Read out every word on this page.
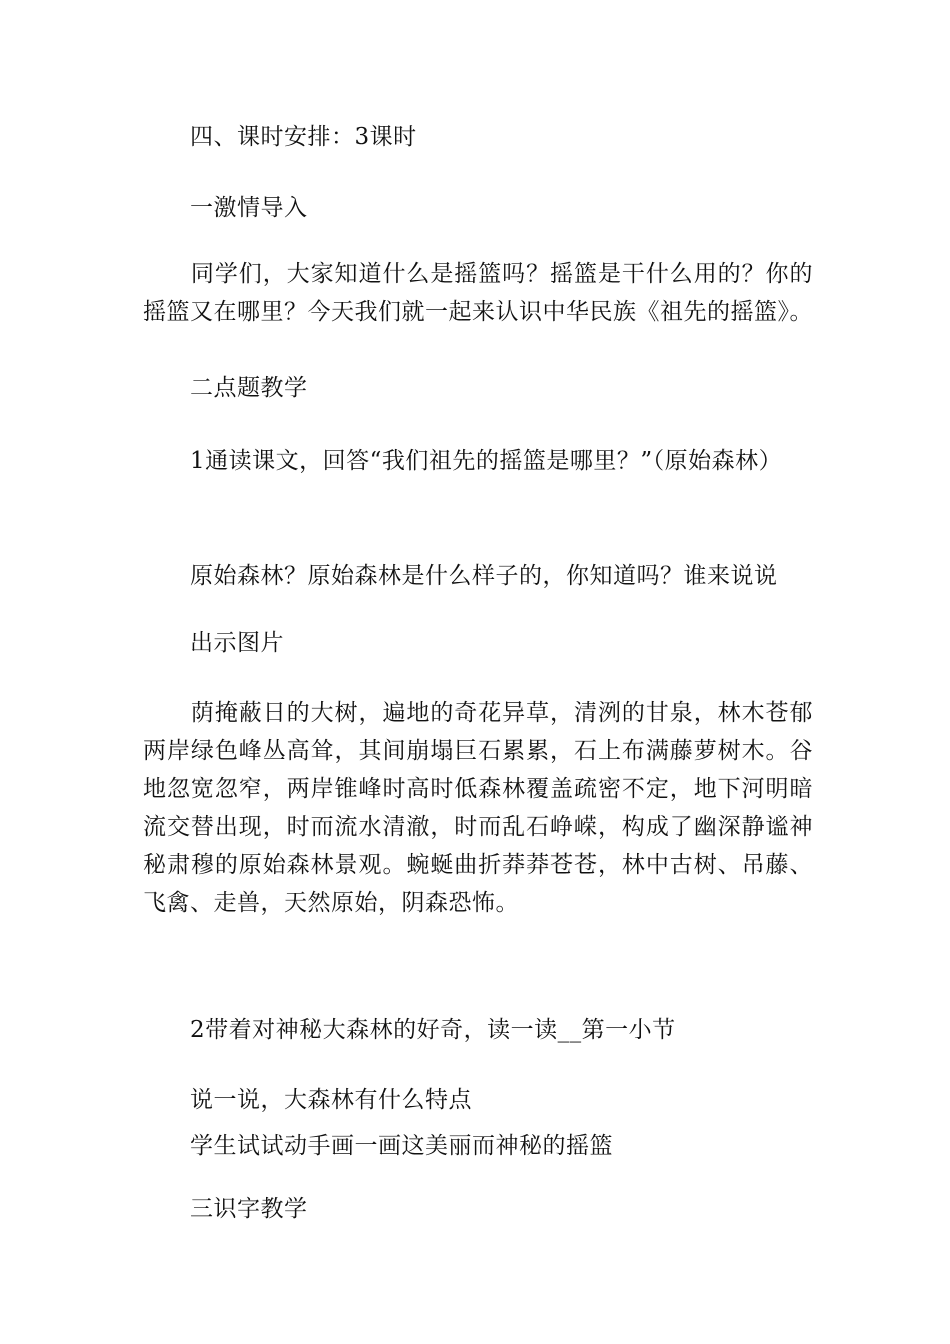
　　四、课时安排：3课时

　　一激情导入

　　同学们，大家知道什么是摇篮吗？摇篮是干什么用的？你的摇篮又在哪里？今天我们就一起来认识中华民族《祖先的摇篮》。

　　二点题教学

　　1通读课文，回答“我们祖先的摇篮是哪里？”（原始森林）

　　原始森林？原始森林是什么样子的，你知道吗？谁来说说

　　出示图片

　　荫掩蔽日的大树，遍地的奇花异草，清洌的甘泉，林木苍郁两岸绿色峰丛高耸，其间崩塌巨石累累，石上布满藤萝树木。谷地忽宽忽窄，两岸锥峰时高时低森林覆盖疏密不定，地下河明暗流交替出现，时而流水清澈，时而乱石峥嵘，构成了幽深静谧神秘肃穆的原始森林景观。蜿蜒曲折莽莽苍苍，林中古树、吊藤、飞禽、走兽，天然原始，阴森恐怖。

　　2带着对神秘大森林的好奇，读一读__第一小节

　　说一说，大森林有什么特点

　　学生试试动手画一画这美丽而神秘的摇篮

　　三识字教学
